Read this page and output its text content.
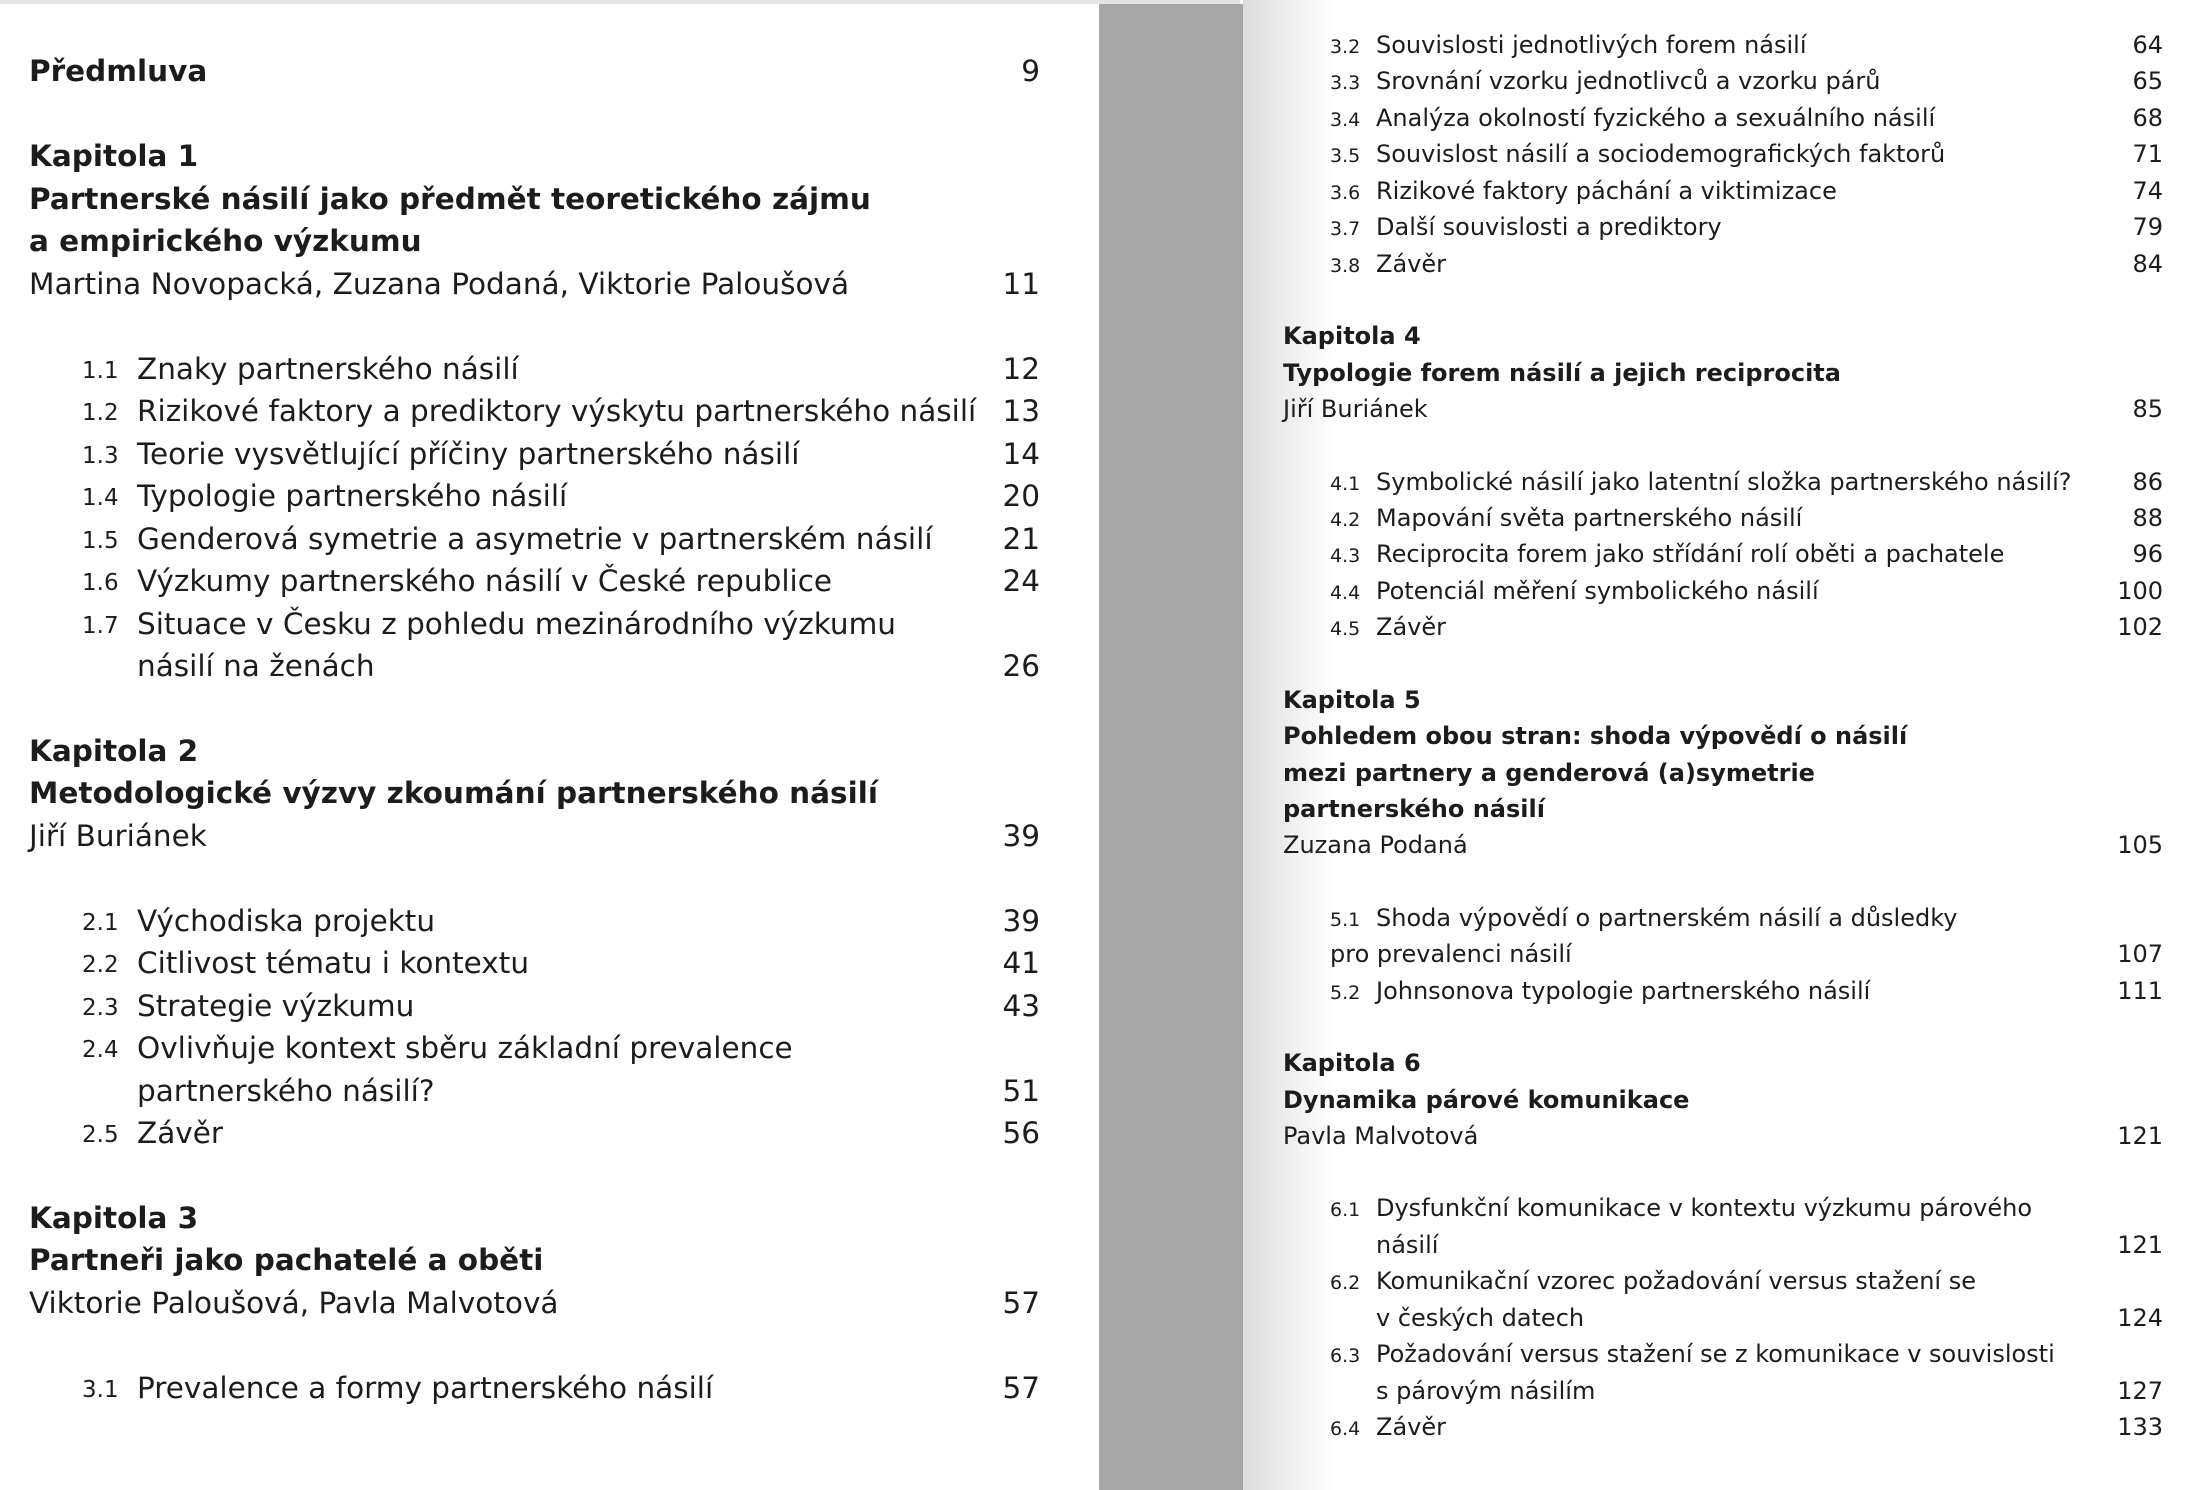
Předmluva	9
Kapitola 1
Partnerské násilí jako předmět teoretického zájmu
a empirického výzkumu
Martina Novopacká, Zuzana Podaná, Viktorie Paloušová	11
1.1 Znaky partnerského násilí	12
1.2 Rizikové faktory a prediktory výskytu partnerského násilí 13
1.3 Teorie vysvětlující příčiny partnerského násilí	14
1.4 Typologie partnerského násilí	20
1.5 Genderová symetrie a asymetrie v partnerském násilí 21
1.6 Výzkumy partnerského násilí v České republice	24
1.7 Situace v Česku z pohledu mezinárodního výzkumu
násilí na ženách	26
Kapitola 2
Metodologické výzvy zkoumání partnerského násilí
Jiří Buriánek	39
2.1 Východiska projektu	39
2.2 Citlivost tématu i kontextu	41
2.3 Strategie výzkumu	43
2.4 Ovlivňuje kontext sběru základní prevalence
partnerského násilí?	51
2.5 Závěr	56
Kapitola 3
Partneři jako pachatelé a oběti
Viktorie Paloušová, Pavla Malvotová	57
3.1 Prevalence a formy partnerského násilí	57
3.2 Souvislosti jednotlivých forem násilí	64
3.3 Srovnání vzorku jednotlivců a vzorku párů	65
3.4 Analýza okolností fyzického a sexuálního násilí	68
3.5 Souvislost násilí a sociodemografických faktorů	71
3.6 Rizikové faktory páchání a viktimizace	74
3.7 Další souvislosti a prediktory	79
3.8 Závěr	84
Kapitola 4
Typologie forem násilí a jejich reciprocita
Jiří Buriánek	85
4.1 Symbolické násilí jako latentní složka partnerského násilí?	86
4.2 Mapování světa partnerského násilí	88
4.3 Reciprocita forem jako střídání rolí oběti a pachatele	96
4.4 Potenciál měření symbolického násilí	100
4.5 Závěr	102
Kapitola 5
Pohledem obou stran: shoda výpovědí o násilí
mezi partnery a genderová (a)symetrie
partnerského násilí
Zuzana Podaná	105
5.1 Shoda výpovědí o partnerském násilí a důsledky
pro prevalenci násilí	107
5.2 Johnsonova typologie partnerského násilí	111
Kapitola 6
Dynamika párové komunikace
Pavla Malvotová	121
6.1 Dysfunkční komunikace v kontextu výzkumu párového
násilí	121
6.2 Komunikační vzorec požadování versus stažení se
v českých datech	124
6.3 Požadování versus stažení se z komunikace v souvislosti
s párovým násilím	127
6.4 Závěr	133
